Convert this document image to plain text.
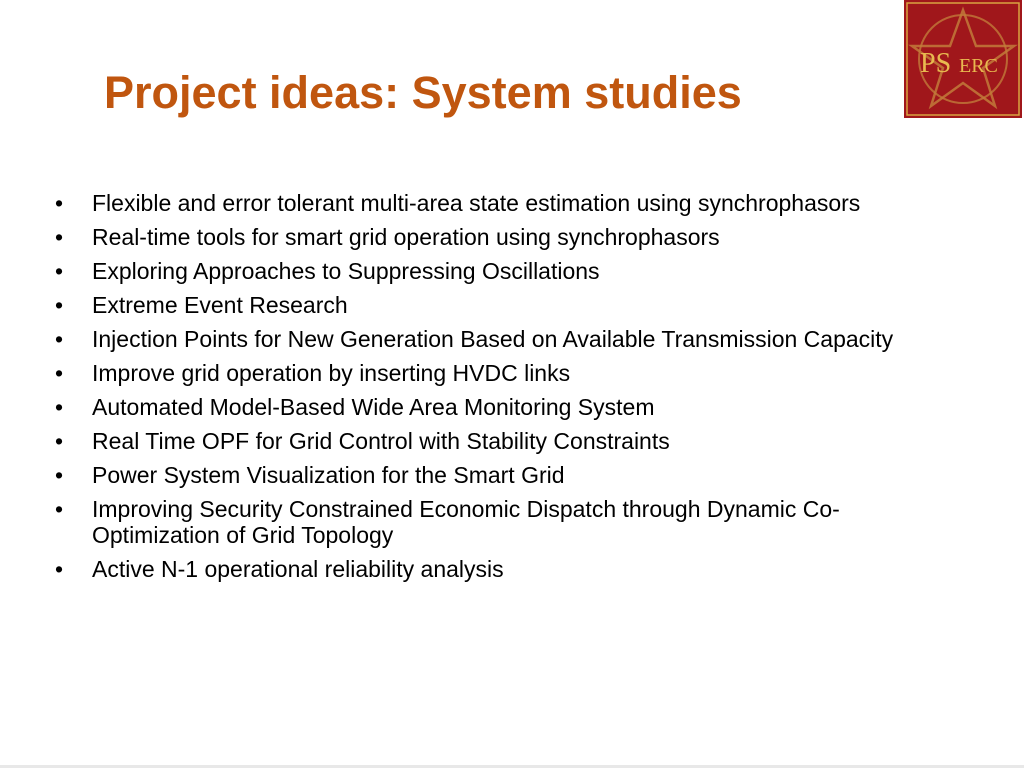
Project ideas: System studies
PS ERC
• Flexible and error tolerant multi-area state estimation using synchrophasors
• Real-time tools for smart grid operation using synchrophasors
• Exploring Approaches to Suppressing Oscillations
• Extreme Event Research
• Injection Points for New Generation Based on Available Transmission Capacity
• Improve grid operation by inserting HVDC links
• Automated Model-Based Wide Area Monitoring System
• Real Time OPF for Grid Control with Stability Constraints
• Power System Visualization for the Smart Grid
• Improving Security Constrained Economic Dispatch through Dynamic Co-Optimization of Grid Topology
• Active N-1 operational reliability analysis
